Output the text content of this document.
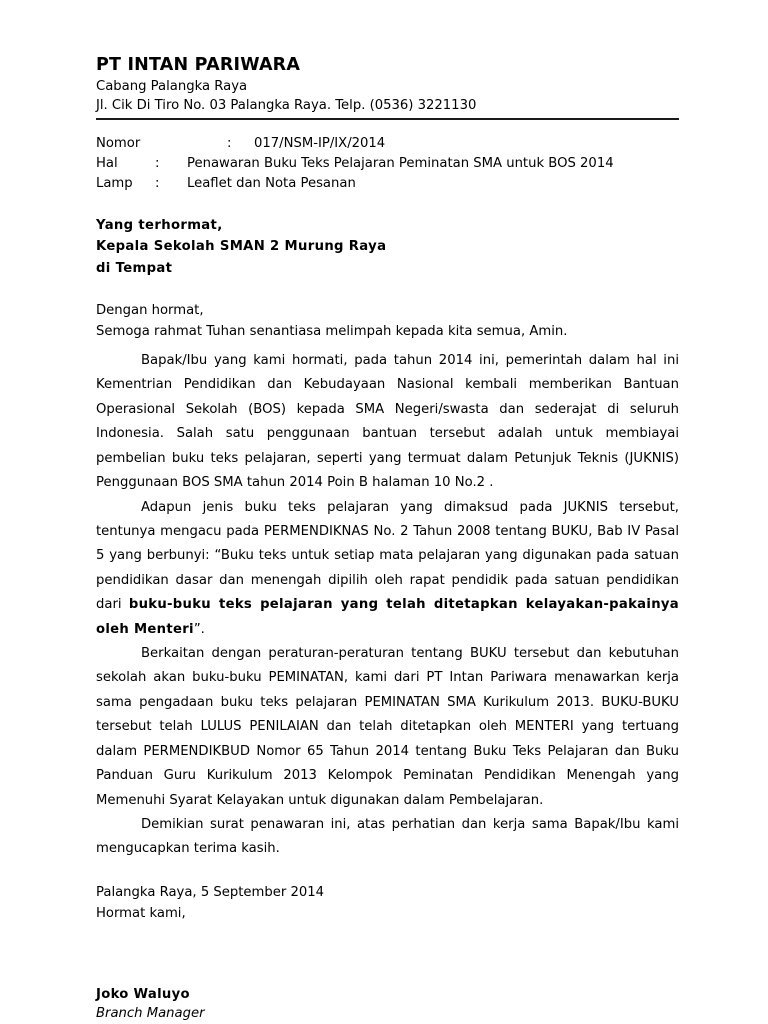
PT INTAN PARIWARA
Cabang Palangka Raya
Jl. Cik Di Tiro No. 03 Palangka Raya. Telp. (0536) 3221130
Nomor	:	017/NSM-IP/IX/2014
Hal	:	Penawaran Buku Teks Pelajaran Peminatan SMA untuk BOS 2014
Lamp	:	Leaflet dan Nota Pesanan
Yang terhormat,
Kepala Sekolah SMAN 2 Murung Raya
di Tempat
Dengan hormat,
Semoga rahmat Tuhan senantiasa melimpah kepada kita semua, Amin.

Bapak/Ibu yang kami hormati, pada tahun 2014 ini, pemerintah dalam hal ini Kementrian Pendidikan dan Kebudayaan Nasional kembali memberikan Bantuan Operasional Sekolah (BOS) kepada SMA Negeri/swasta dan sederajat di seluruh Indonesia. Salah satu penggunaan bantuan tersebut adalah untuk membiayai pembelian buku teks pelajaran, seperti yang termuat dalam Petunjuk Teknis (JUKNIS) Penggunaan BOS SMA tahun 2014 Poin B halaman 10 No.2 .

Adapun jenis buku teks pelajaran yang dimaksud pada JUKNIS tersebut, tentunya mengacu pada PERMENDIKNAS No. 2 Tahun 2008 tentang BUKU, Bab IV Pasal 5 yang berbunyi: “Buku teks untuk setiap mata pelajaran yang digunakan pada satuan pendidikan dasar dan menengah dipilih oleh rapat pendidik pada satuan pendidikan dari buku-buku teks pelajaran yang telah ditetapkan kelayakan-pakainya oleh Menteri”.

Berkaitan dengan peraturan-peraturan tentang BUKU tersebut dan kebutuhan sekolah akan buku-buku PEMINATAN, kami dari PT Intan Pariwara menawarkan kerja sama pengadaan buku teks pelajaran PEMINATAN SMA Kurikulum 2013. BUKU-BUKU tersebut telah LULUS PENILAIAN dan telah ditetapkan oleh MENTERI yang tertuang dalam PERMENDIKBUD Nomor 65 Tahun 2014 tentang Buku Teks Pelajaran dan Buku Panduan Guru Kurikulum 2013 Kelompok Peminatan Pendidikan Menengah yang Memenuhi Syarat Kelayakan untuk digunakan dalam Pembelajaran.

Demikian surat penawaran ini, atas perhatian dan kerja sama Bapak/Ibu kami mengucapkan terima kasih.

Palangka Raya, 5 September 2014
Hormat kami,
Joko Waluyo
Branch Manager
